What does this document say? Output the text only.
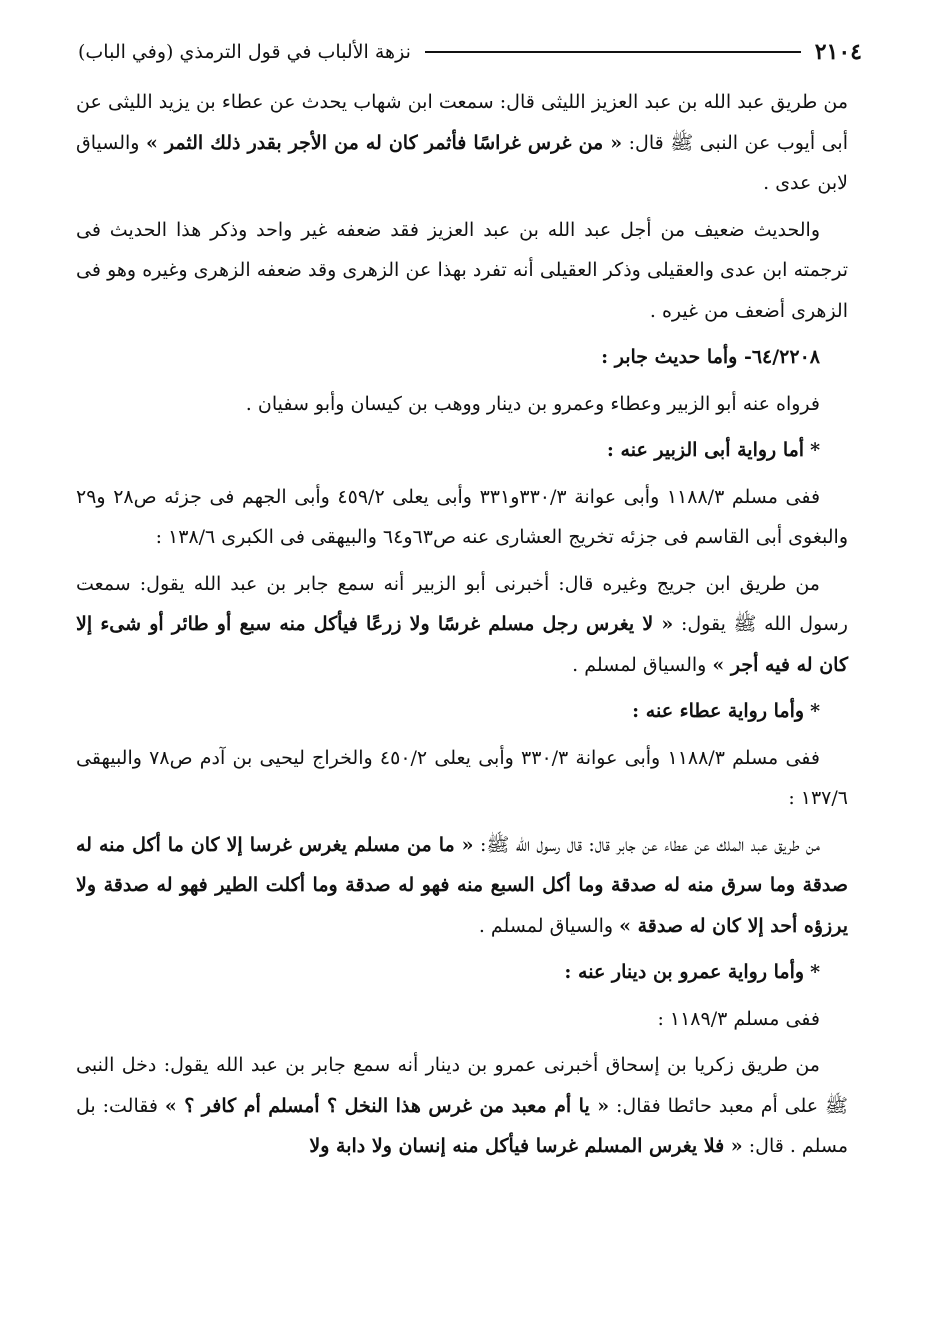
٢١٠٤
نزهة الألباب في قول الترمذي (وفي الباب)

من طريق عبد الله بن عبد العزيز الليثى قال: سمعت ابن شهاب يحدث عن عطاء بن يزيد الليثى عن أبى أيوب عن النبى ﷺ قال: « من غرس غراسًا فأثمر كان له من الأجر بقدر ذلك الثمر » والسياق لابن عدى .

والحديث ضعيف من أجل عبد الله بن عبد العزيز فقد ضعفه غير واحد وذكر هذا الحديث فى ترجمته ابن عدى والعقيلى وذكر العقيلى أنه تفرد بهذا عن الزهرى وقد ضعفه الزهرى وغيره وهو فى الزهرى أضعف من غيره .

٦٤/٢٢٠٨- وأما حديث جابر :

فرواه عنه أبو الزبير وعطاء وعمرو بن دينار ووهب بن كيسان وأبو سفيان .

*أما رواية أبى الزبير عنه :

ففى مسلم ١١٨٨/٣ وأبى عوانة ٣٣٠/٣و٣٣١ وأبى يعلى ٤٥٩/٢ وأبى الجهم فى جزئه ص٢٨ و٢٩ والبغوى أبى القاسم فى جزئه تخريج العشارى عنه ص٦٣و٦٤ والبيهقى فى الكبرى ١٣٨/٦ :

من طريق ابن جريج وغيره قال: أخبرنى أبو الزبير أنه سمع جابر بن عبد الله يقول: سمعت رسول الله ﷺ يقول: « لا يغرس رجل مسلم غرسًا ولا زرعًا فيأكل منه سبع أو طائر أو شىء إلا كان له فيه أجر » والسياق لمسلم .

*وأما رواية عطاء عنه :

ففى مسلم ١١٨٨/٣ وأبى عوانة ٣٣٠/٣ وأبى يعلى ٤٥٠/٢ والخراج ليحيى بن آدم ص٧٨ والبيهقى ١٣٧/٦ :

من طريق عبد الملك عن عطاء عن جابر قال: قال رسول الله ﷺ: « ما من مسلم يغرس غرسا إلا كان ما أكل منه له صدقة وما سرق منه له صدقة وما أكل السبع منه فهو له صدقة وما أكلت الطير فهو له صدقة ولا يرزؤه أحد إلا كان له صدقة » والسياق لمسلم .

*وأما رواية عمرو بن دينار عنه :

ففى مسلم ١١٨٩/٣ :

من طريق زكريا بن إسحاق أخبرنى عمرو بن دينار أنه سمع جابر بن عبد الله يقول: دخل النبى ﷺ على أم معبد حائطا فقال: « يا أم معبد من غرس هذا النخل ؟ أمسلم أم كافر ؟ » فقالت: بل مسلم . قال: « فلا يغرس المسلم غرسا فيأكل منه إنسان ولا دابة ولا
